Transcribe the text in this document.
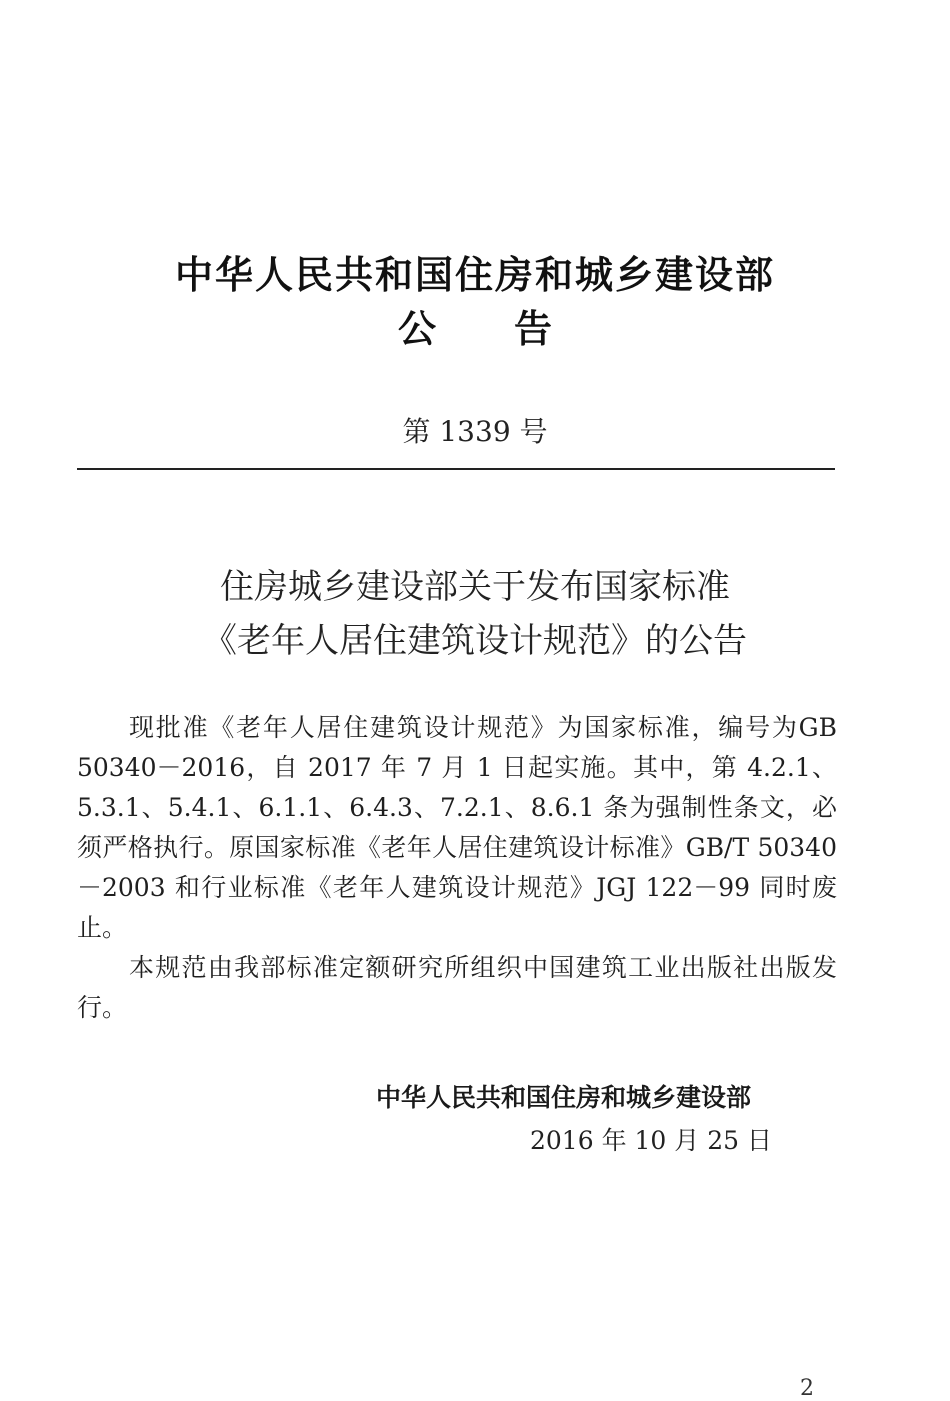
中华人民共和国住房和城乡建设部
公告
第 1339 号
住房城乡建设部关于发布国家标准
《老年人居住建筑设计规范》的公告

现批准《老年人居住建筑设计规范》为国家标准，编号为GB 50340－2016，自 2017 年 7 月 1 日起实施。其中，第 4.2.1、5.3.1、5.4.1、6.1.1、6.4.3、7.2.1、8.6.1 条为强制性条文，必须严格执行。原国家标准《老年人居住建筑设计标准》GB/T 50340－2003 和行业标准《老年人建筑设计规范》JGJ 122－99 同时废止。

本规范由我部标准定额研究所组织中国建筑工业出版社出版发行。

中华人民共和国住房和城乡建设部
2016 年 10 月 25 日
2
